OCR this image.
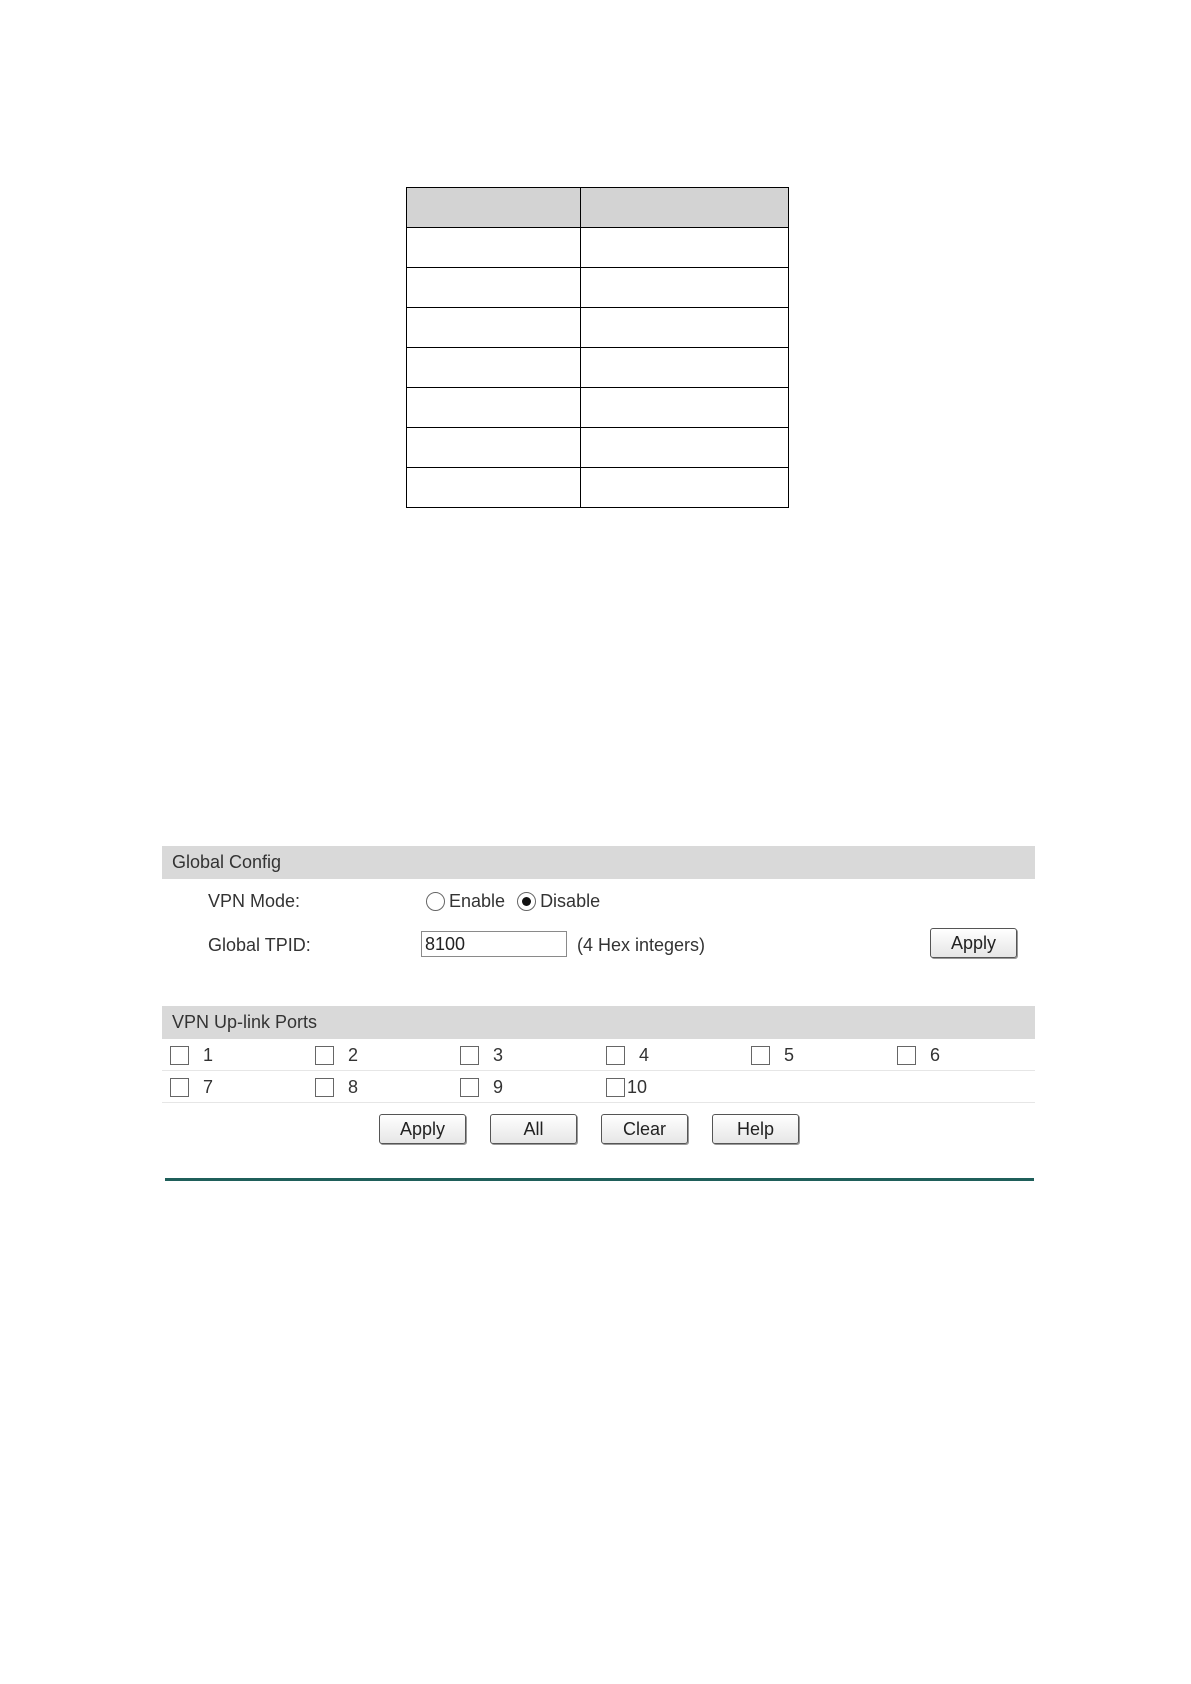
Global Config
VPN Mode:	Enable Disable
Global TPID:
8100	(4 Hex integers)	Apply
VPN Up-link Ports
1	2	3	4	5	6
7	8	9	10
Apply	All	Clear	Help
